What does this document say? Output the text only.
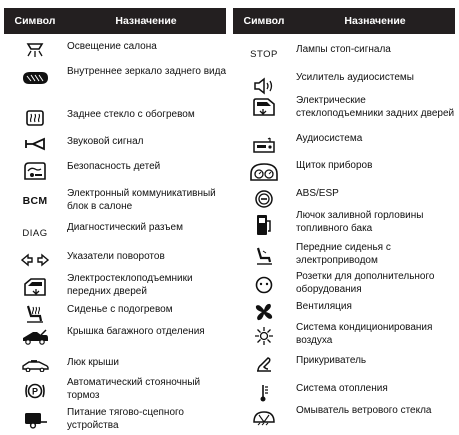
Символ	Назначение
Освещение салона
Внутреннее зеркало заднего вида
Заднее стекло с обогревом
Звуковой сигнал
Безопасность детей
BCM
Электронный коммуникативный блок в салоне
DIAG
Диагностический разъем
Указатели поворотов
Электростеклоподъемники передних дверей
Сиденье с подогревом
Крышка багажного отделения
Люк крыши
P
Автоматический стояночный тормоз
Питание тягово-сцепного устройства
Символ	Назначение
STOP Лампы стоп-сигнала
Усилитель аудиосистемы
Электрические стеклоподъемники задних дверей
Аудиосистема
Щиток приборов
ABS/ESP
Лючок заливной горловины топливного бака
Передние сиденья с электроприводом
Розетки для дополнительного оборудования
Вентиляция
Система кондиционирования воздуха
Прикуриватель
Система отопления
Омыватель ветрового стекла
